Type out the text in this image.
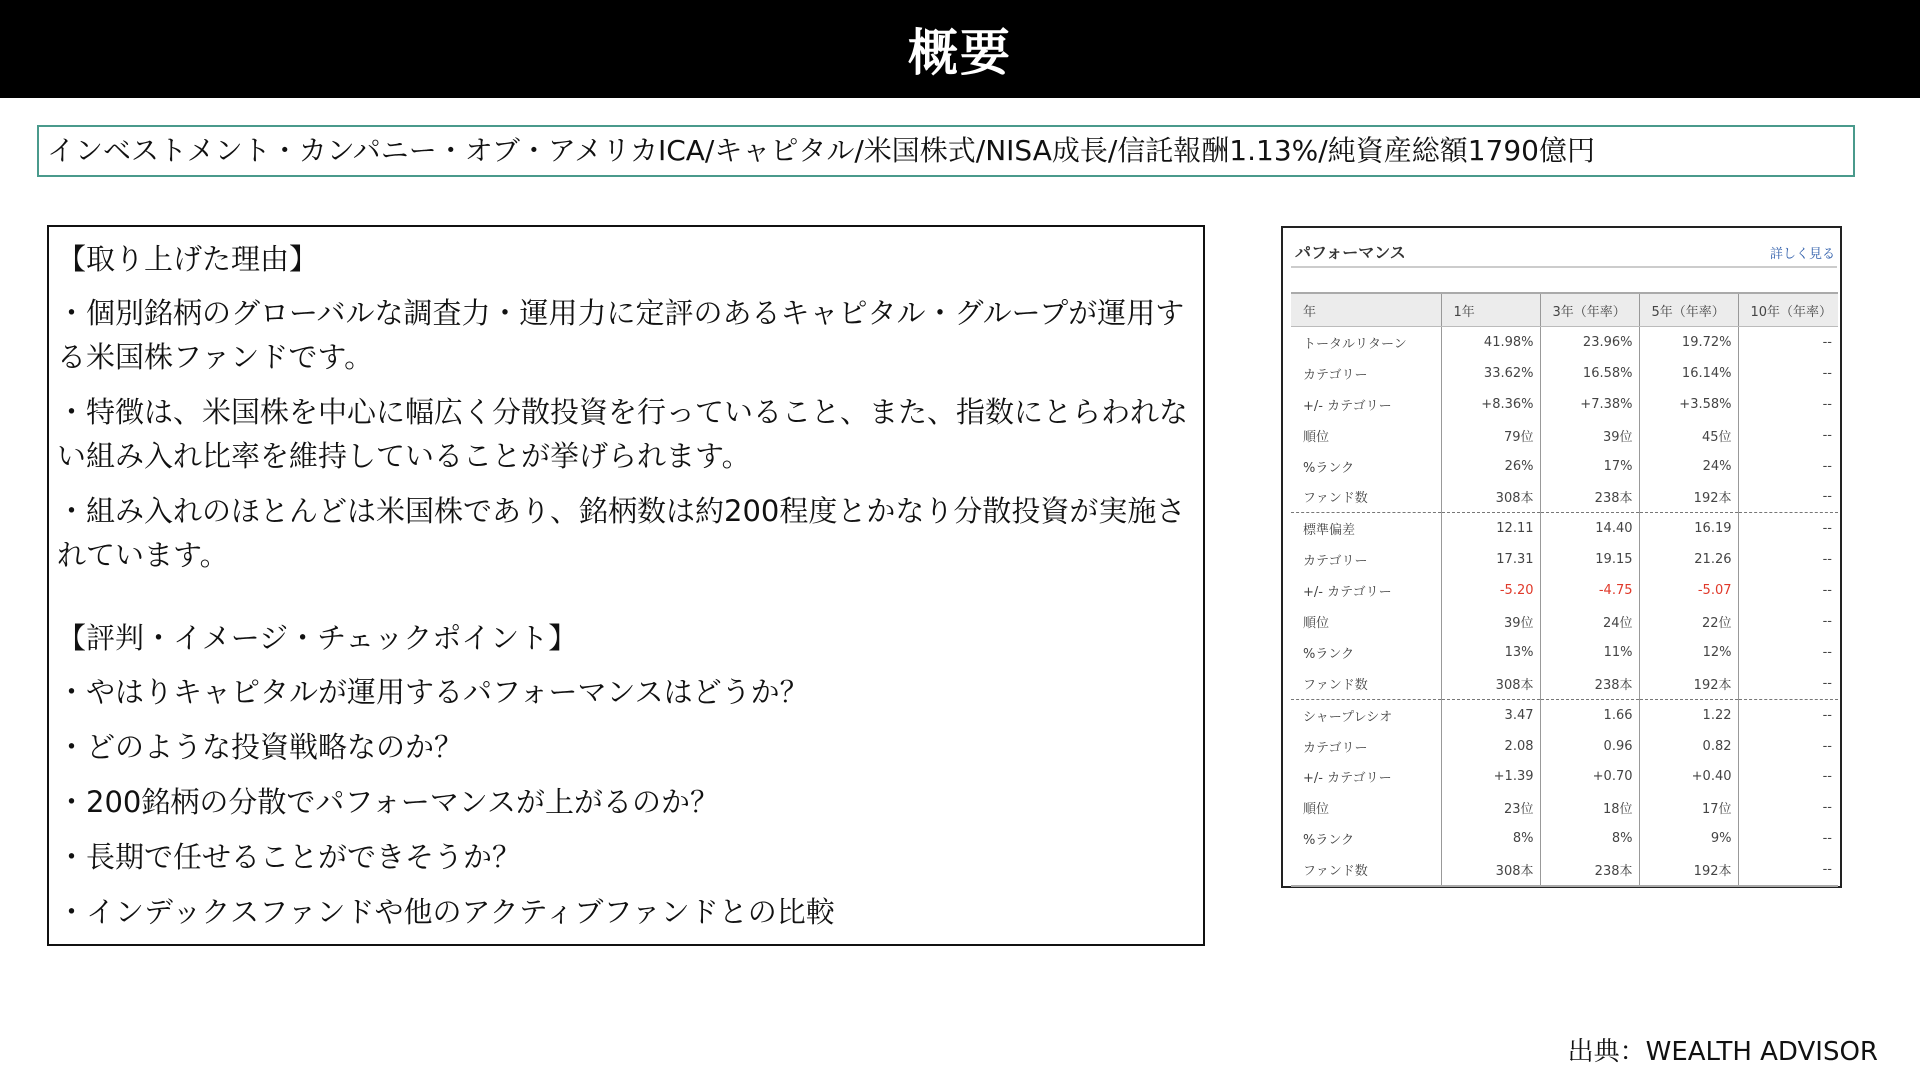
概要
インベストメント・カンパニー・オブ・アメリカICA/キャピタル/米国株式/NISA成長/信託報酬1.13%/純資産総額1790億円

【取り上げた理由】

・個別銘柄のグローバルな調査力・運用力に定評のあるキャピタル・グループが運用する米国株ファンドです。

・特徴は、米国株を中心に幅広く分散投資を行っていること、また、指数にとらわれない組み入れ比率を維持していることが挙げられます。

・組み入れのほとんどは米国株であり、銘柄数は約200程度とかなり分散投資が実施されています。

【評判・イメージ・チェックポイント】

・やはりキャピタルが運用するパフォーマンスはどうか？

・どのような投資戦略なのか？

・200銘柄の分散でパフォーマンスが上がるのか？

・長期で任せることができそうか？

・インデックスファンドや他のアクティブファンドとの比較

パフォーマンス	詳しく見る
年	1年	3年（年率）	5年（年率）	10年（年率）
トータルリターン	41.98%	23.96%	19.72%	--
カテゴリー	33.62%	16.58%	16.14%	--
+/- カテゴリー	+8.36%	+7.38%	+3.58%	--
順位	79位	39位	45位	--
%ランク	26%	17%	24%	--
ファンド数	308本	238本	192本	--
標準偏差	12.11	14.40	16.19	--
カテゴリー	17.31	19.15	21.26	--
+/- カテゴリー	-5.20	-4.75	-5.07	--
順位	39位	24位	22位	--
%ランク	13%	11%	12%	--
ファンド数	308本	238本	192本	--
シャープレシオ	3.47	1.66	1.22	--
カテゴリー	2.08	0.96	0.82	--
+/- カテゴリー	+1.39	+0.70	+0.40	--
順位	23位	18位	17位	--
%ランク	8%	8%	9%	--
ファンド数	308本	238本	192本	--
出典：WEALTH ADVISOR
